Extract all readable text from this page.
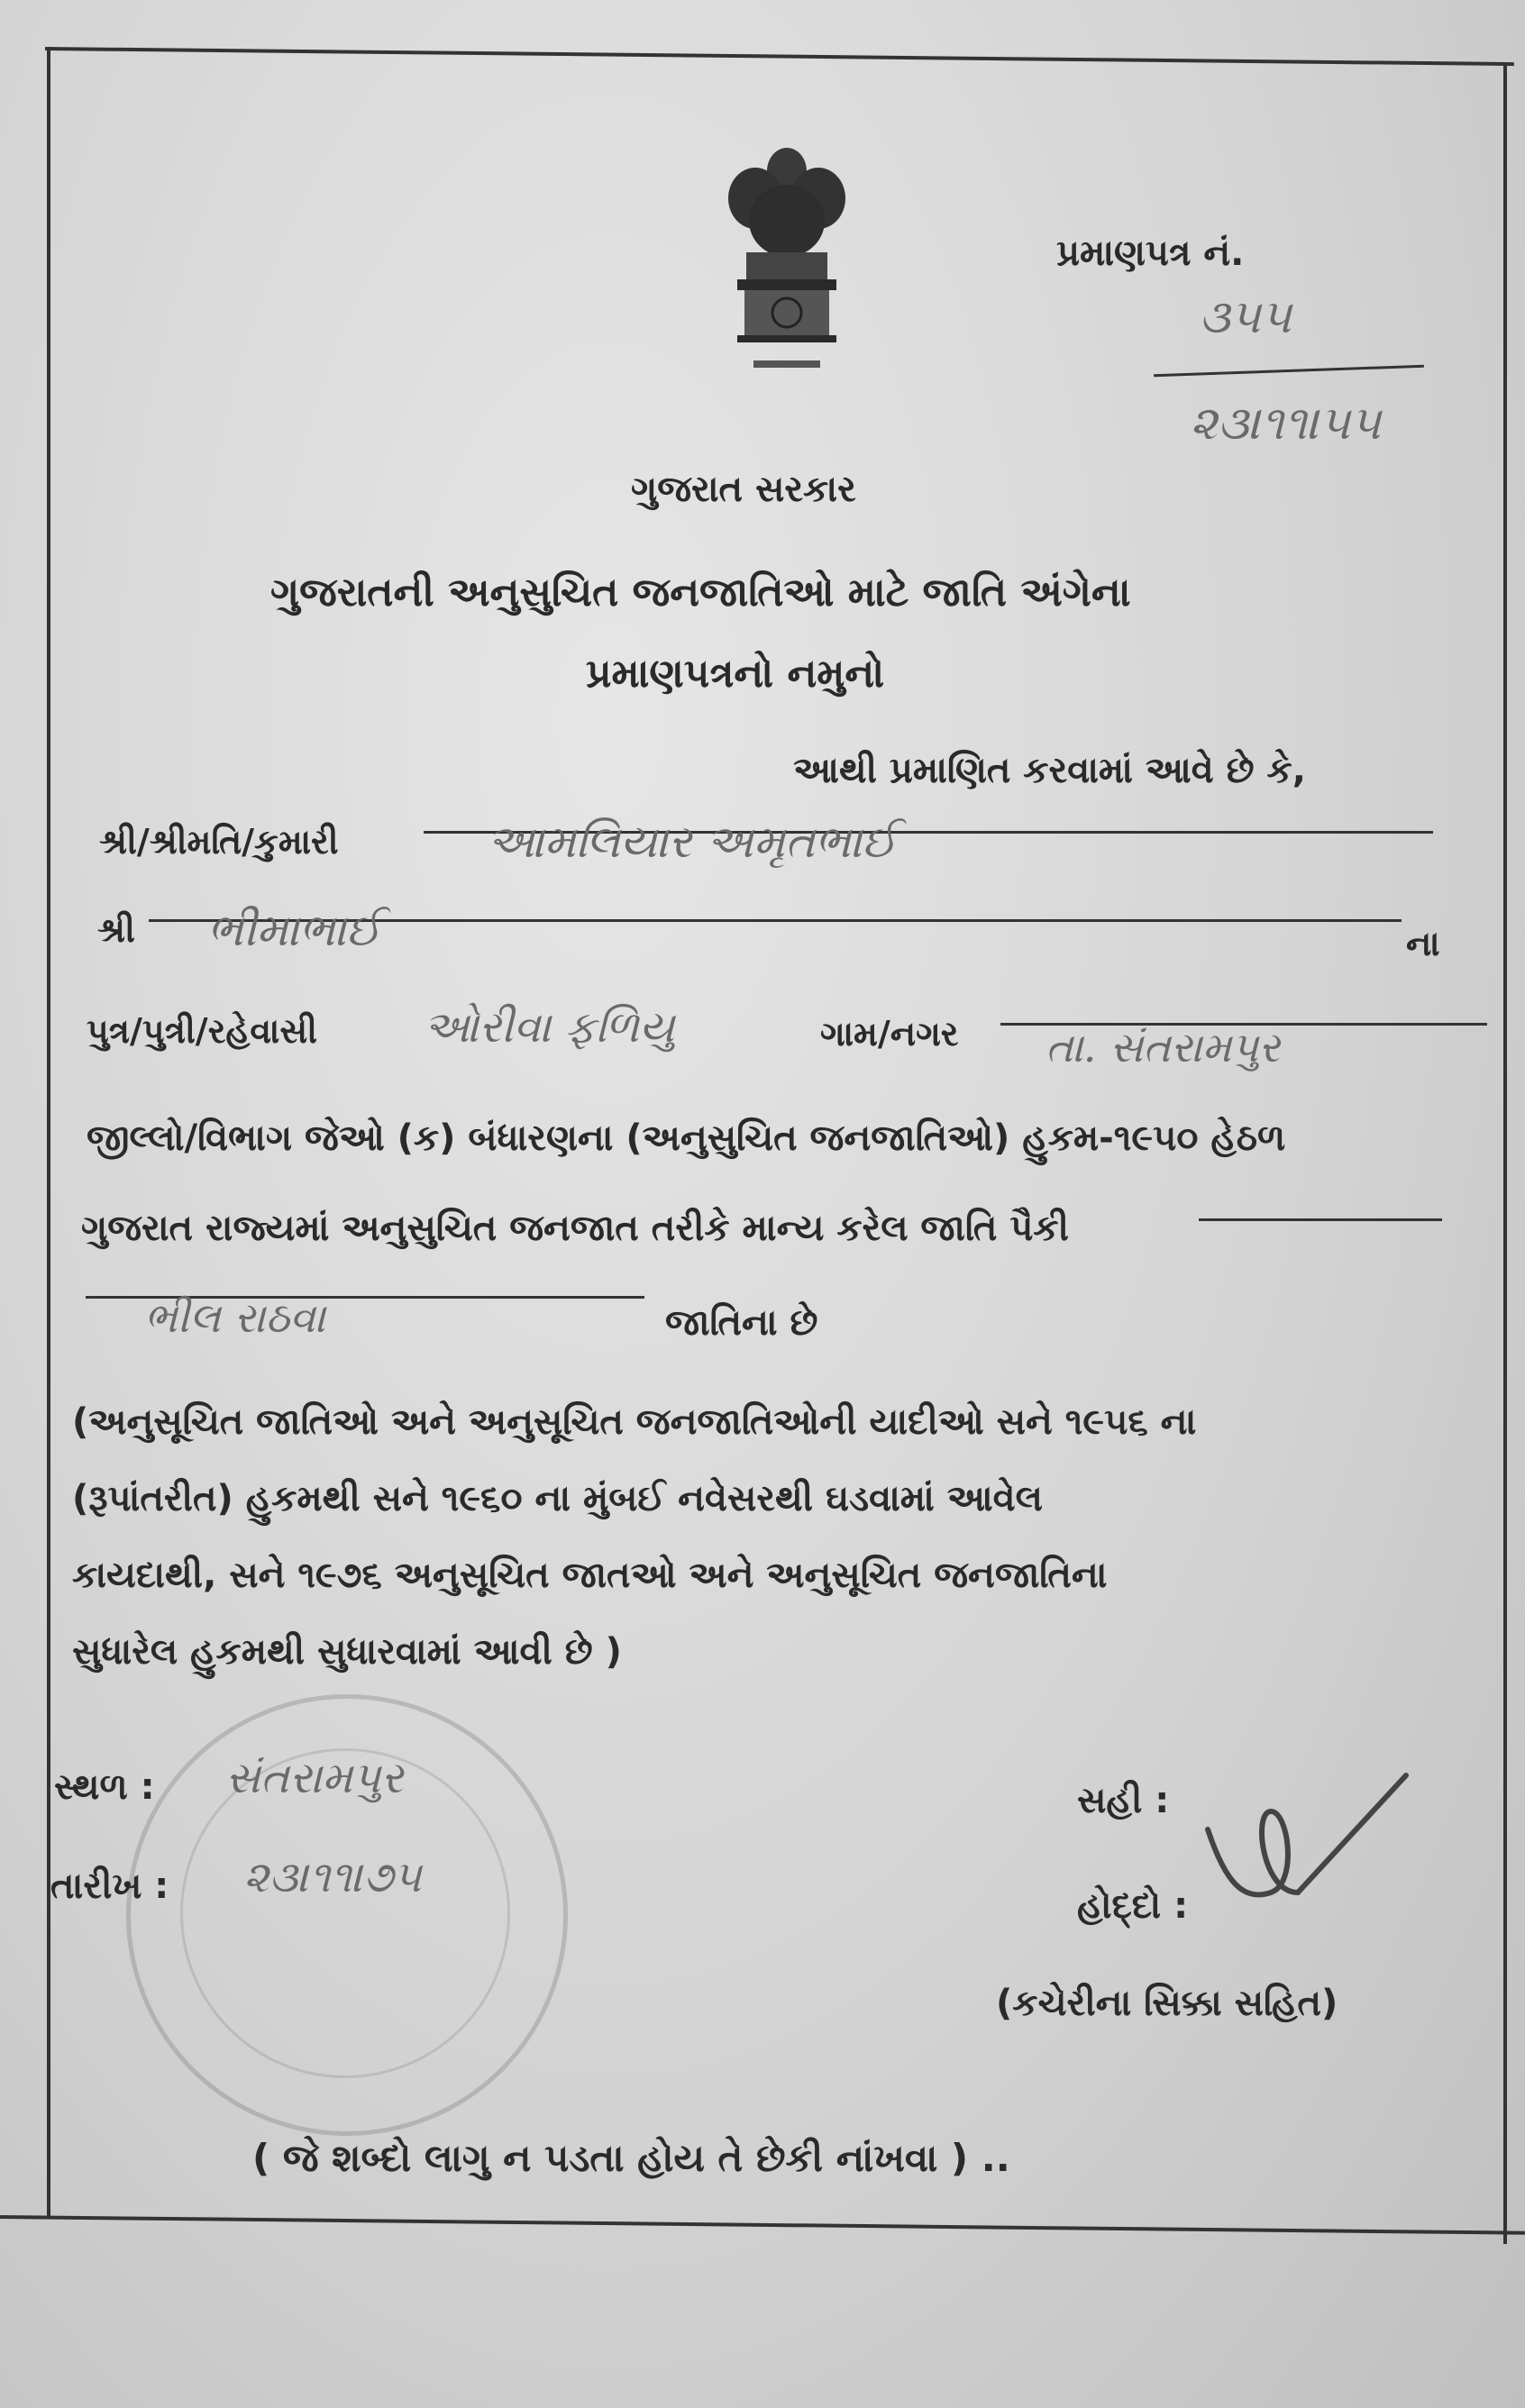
પ્રમાણપત્ર નં.
૩૫૫
૨૩।૧૧।૫૫
ગુજરાત સરકાર
ગુજરાતની અનુસુચિત જનજાતિઓ માટે જાતિ અંગેના
પ્રમાણપત્રનો નમુનો
આથી પ્રમાણિત કરવામાં આવે છે કે,
શ્રી/શ્રીમતિ/કુમારી	આમલિયાર અમૃતભાઈ
શ્રી ભીમાભાઈ	ના
પુત્ર/પુત્રી/રહેવાસી ઓરીવા ફળિયુ	ગામ/નગર તા. સંતરામપુર
જીલ્લો/વિભાગ જેઓ (ક) બંધારણના (અનુસુચિત જનજાતિઓ) હુકમ-૧૯૫૦ હેઠળ
ગુજરાત રાજ્યમાં અનુસુચિત જનજાત તરીકે માન્ય કરેલ જાતિ પૈકી
ભીલ રાઠવા	જાતિના છે
(અનુસૂચિત જાતિઓ અને અનુસૂચિત જનજાતિઓની યાદીઓ સને ૧૯૫૬ ના
(રૂપાંતરીત) હુકમથી સને ૧૯૬૦ ના મુંબઈ નવેસરથી ઘડવામાં આવેલ
કાયદાથી, સને ૧૯૭૬ અનુસૂચિત જાતઓ અને અનુસૂચિત જનજાતિના
સુધારેલ હુકમથી સુધારવામાં આવી છે )
સ્થળ : સંતરામપુર
તારીખ : ૨૩।૧૧।૭૫
સહી :
હોદ્દો :
(કચેરીના સિક્કા સહિત)
( જે શબ્દો લાગુ ન પડતા હોય તે છેકી નાંખવા ) ..
